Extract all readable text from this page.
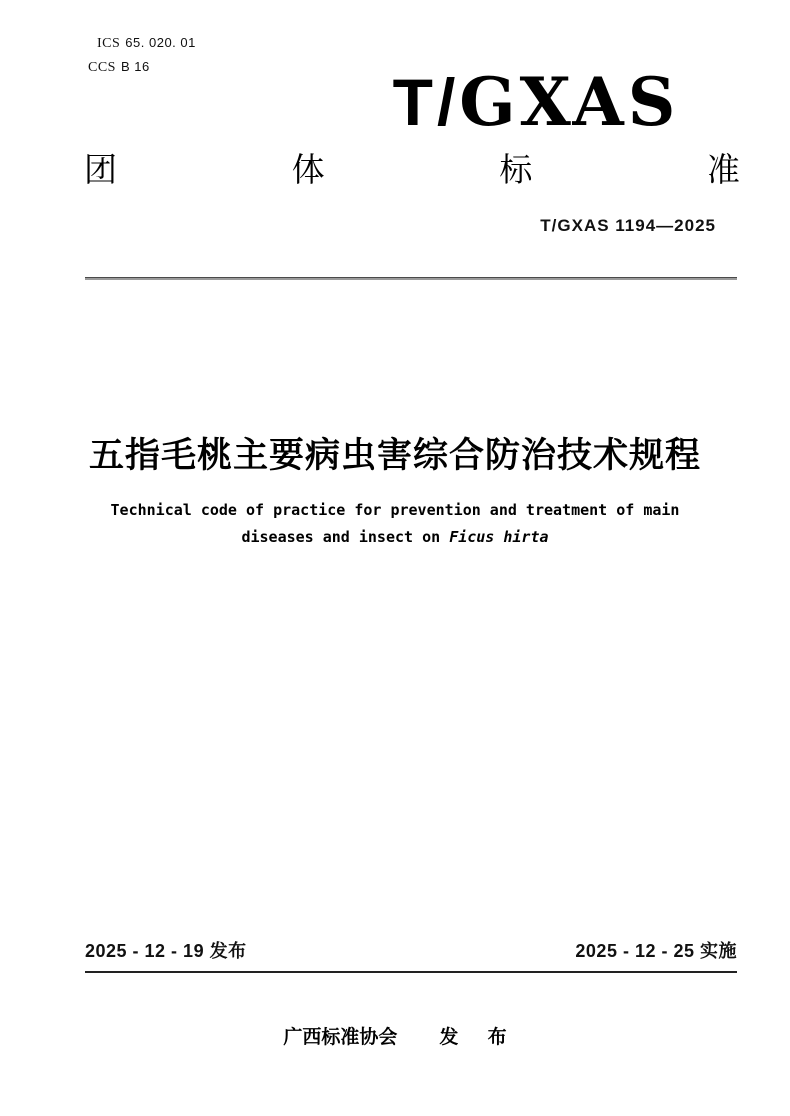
ICS 65. 020. 01
CCS B 16	T/GXAS
团	体	标	准
T/GXAS 1194—2025
五指毛桃主要病虫害综合防治技术规程
Technical code of practice for prevention and treatment of main
diseases and insect on Ficus hirta
2025 - 12 - 19 发布	2025 - 12 - 25 实施
广西标准协会 发 布
